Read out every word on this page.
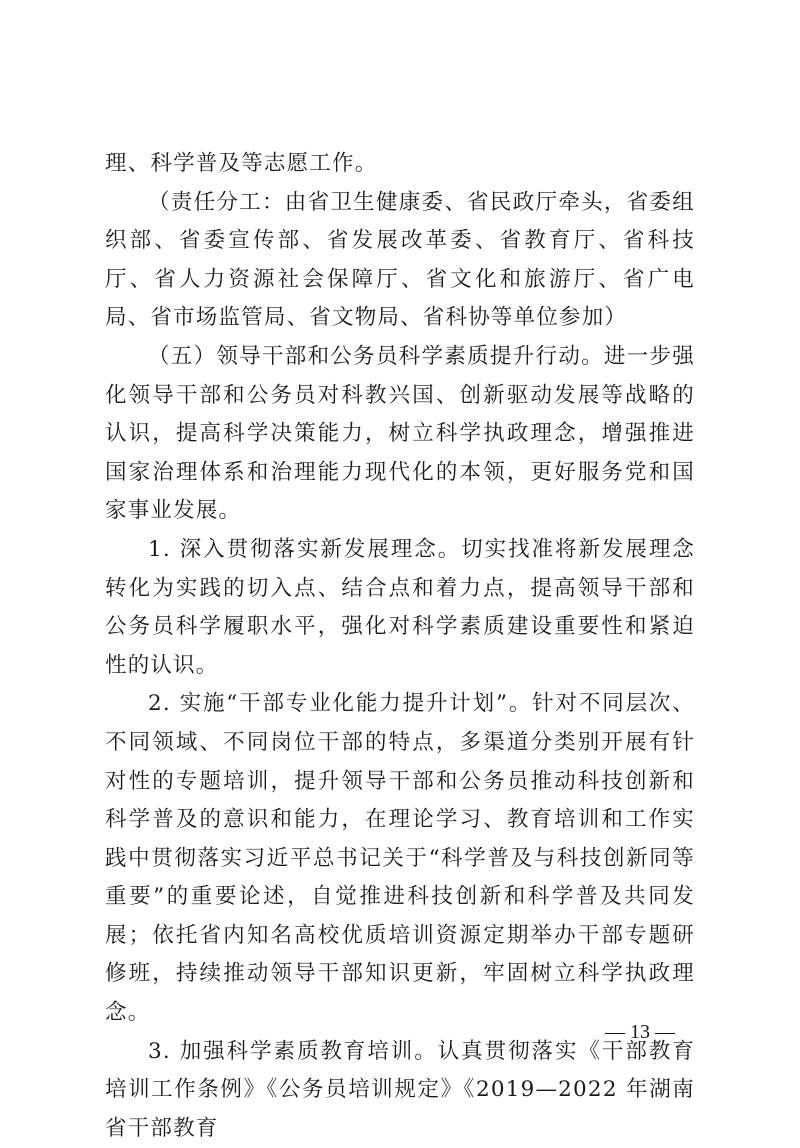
理、科学普及等志愿工作。

（责任分工：由省卫生健康委、省民政厅牵头，省委组织部、省委宣传部、省发展改革委、省教育厅、省科技厅、省人力资源社会保障厅、省文化和旅游厅、省广电局、省市场监管局、省文物局、省科协等单位参加）

（五）领导干部和公务员科学素质提升行动。进一步强化领导干部和公务员对科教兴国、创新驱动发展等战略的认识，提高科学决策能力，树立科学执政理念，增强推进国家治理体系和治理能力现代化的本领，更好服务党和国家事业发展。

1. 深入贯彻落实新发展理念。切实找准将新发展理念转化为实践的切入点、结合点和着力点，提高领导干部和公务员科学履职水平，强化对科学素质建设重要性和紧迫性的认识。

2. 实施“干部专业化能力提升计划”。针对不同层次、不同领域、不同岗位干部的特点，多渠道分类别开展有针对性的专题培训，提升领导干部和公务员推动科技创新和科学普及的意识和能力，在理论学习、教育培训和工作实践中贯彻落实习近平总书记关于“科学普及与科技创新同等重要”的重要论述，自觉推进科技创新和科学普及共同发展；依托省内知名高校优质培训资源定期举办干部专题研修班，持续推动领导干部知识更新，牢固树立科学执政理念。

3. 加强科学素质教育培训。认真贯彻落实《干部教育培训工作条例》《公务员培训规定》《2019—2022 年湖南省干部教育

— 13 —
